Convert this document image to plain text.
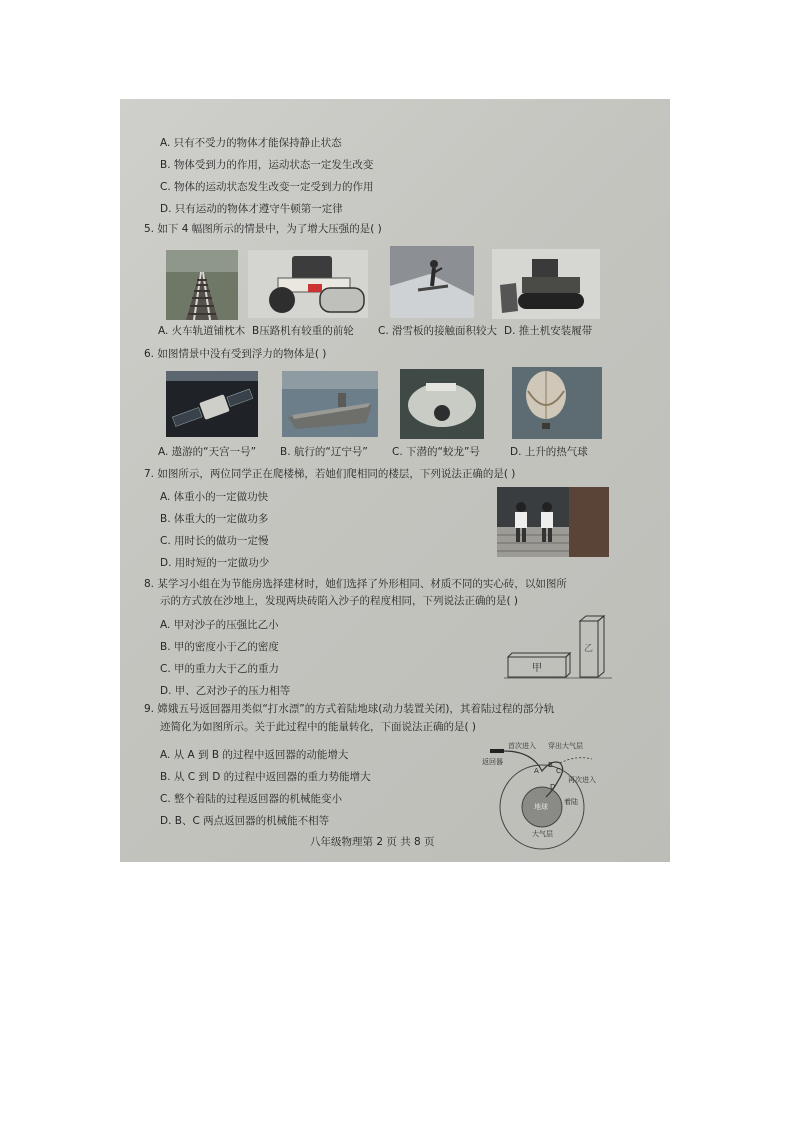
A. 只有不受力的物体才能保持静止状态
B. 物体受到力的作用，运动状态一定发生改变
C. 物体的运动状态发生改变一定受到力的作用
D. 只有运动的物体才遵守牛顿第一定律
5. 如下 4 幅图所示的情景中，为了增大压强的是( )
A. 火车轨道铺枕木 B压路机有较重的前轮 C. 滑雪板的接触面积较大 D. 推土机安装履带
6. 如图情景中没有受到浮力的物体是( )
A. 遨游的“天宫一号” B. 航行的“辽宁号” C. 下潜的“蛟龙”号	D. 上升的热气球
7. 如图所示，两位同学正在爬楼梯，若她们爬相同的楼层，下列说法正确的是( )
A. 体重小的一定做功快
B. 体重大的一定做功多
C. 用时长的做功一定慢
D. 用时短的一定做功少
8. 某学习小组在为节能房选择建材时，她们选择了外形相同、材质不同的实心砖，以如图所
示的方式放在沙地上，发现两块砖陷入沙子的程度相同，下列说法正确的是( )
A. 甲对沙子的压强比乙小
B. 甲的密度小于乙的密度
C. 甲的重力大于乙的重力
D. 甲、乙对沙子的压力相等
甲
乙
9. 嫦娥五号返回器用类似“打水漂”的方式着陆地球(动力装置关闭)，其着陆过程的部分轨
迹简化为如图所示。关于此过程中的能量转化，下面说法正确的是( )
A. 从 A 到 B 的过程中返回器的动能增大
B. 从 C 到 D 的过程中返回器的重力势能增大
C. 整个着陆的过程返回器的机械能变小
D. B、C 两点返回器的机械能不相等
首次进入 穿出大气层
返回器
再次进入
着陆
地球
大气层
A
B
C
D
八年级物理第 2 页 共 8 页
